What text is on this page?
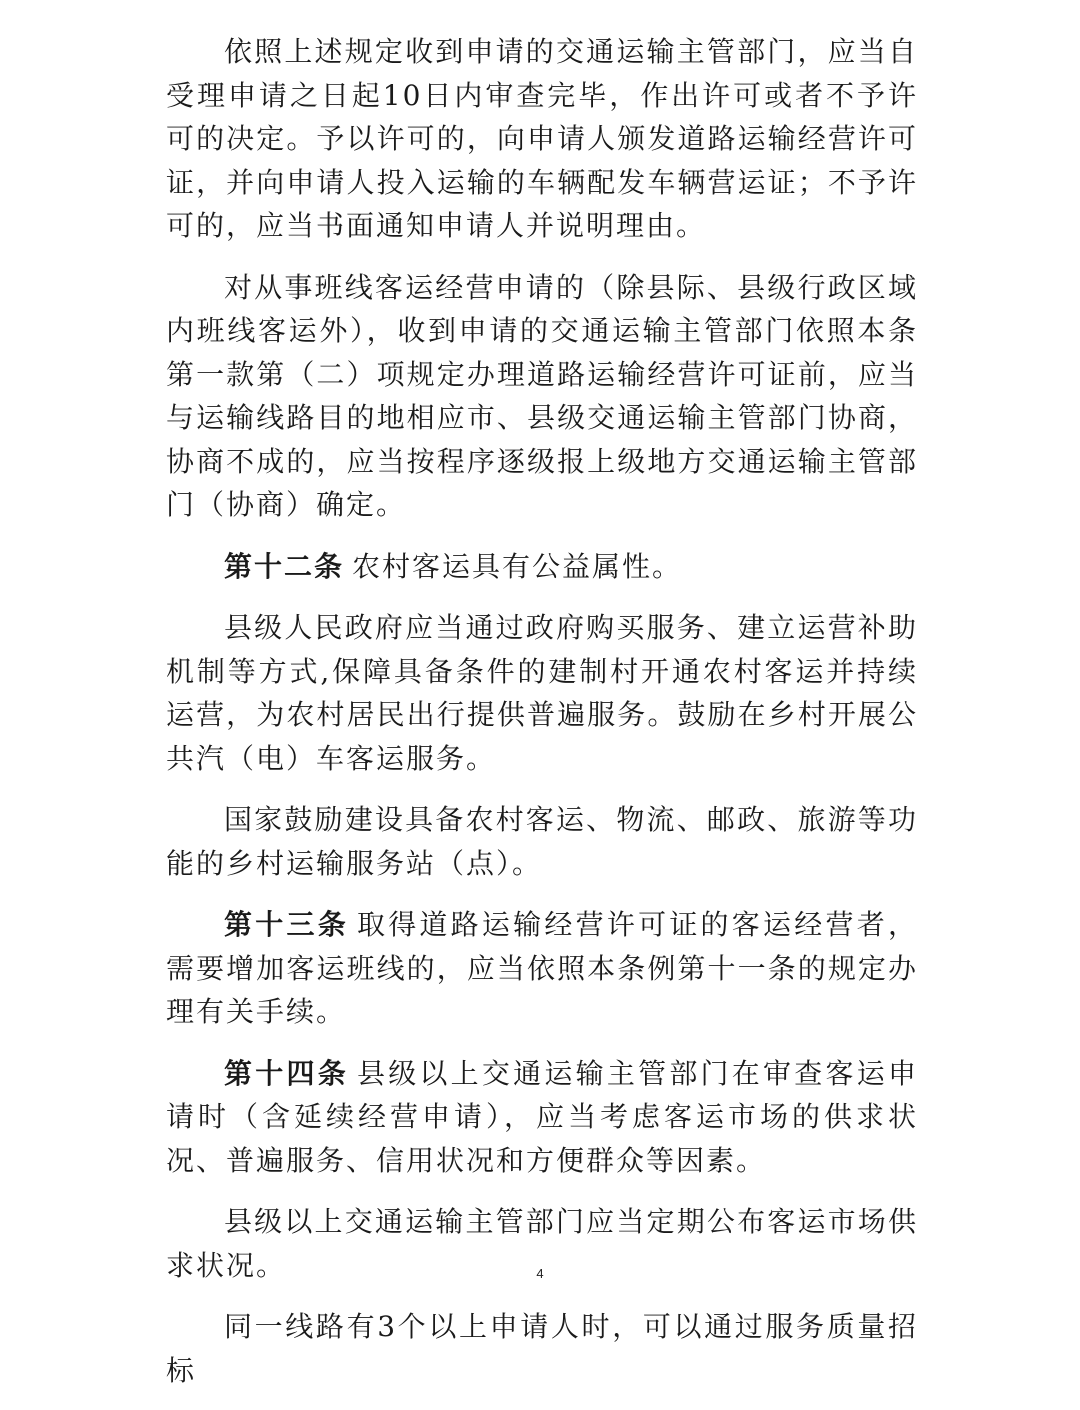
依照上述规定收到申请的交通运输主管部门，应当自受理申请之日起10日内审查完毕，作出许可或者不予许可的决定。予以许可的，向申请人颁发道路运输经营许可证，并向申请人投入运输的车辆配发车辆营运证；不予许可的，应当书面通知申请人并说明理由。

对从事班线客运经营申请的（除县际、县级行政区域内班线客运外），收到申请的交通运输主管部门依照本条第一款第（二）项规定办理道路运输经营许可证前，应当与运输线路目的地相应市、县级交通运输主管部门协商，协商不成的，应当按程序逐级报上级地方交通运输主管部门（协商）确定。

第十二条 农村客运具有公益属性。

县级人民政府应当通过政府购买服务、建立运营补助机制等方式,保障具备条件的建制村开通农村客运并持续运营，为农村居民出行提供普遍服务。鼓励在乡村开展公共汽（电）车客运服务。

国家鼓励建设具备农村客运、物流、邮政、旅游等功能的乡村运输服务站（点）。

第十三条 取得道路运输经营许可证的客运经营者，需要增加客运班线的，应当依照本条例第十一条的规定办理有关手续。

第十四条 县级以上交通运输主管部门在审查客运申请时（含延续经营申请），应当考虑客运市场的供求状况、普遍服务、信用状况和方便群众等因素。

县级以上交通运输主管部门应当定期公布客运市场供求状况。

同一线路有3个以上申请人时，可以通过服务质量招标

4
